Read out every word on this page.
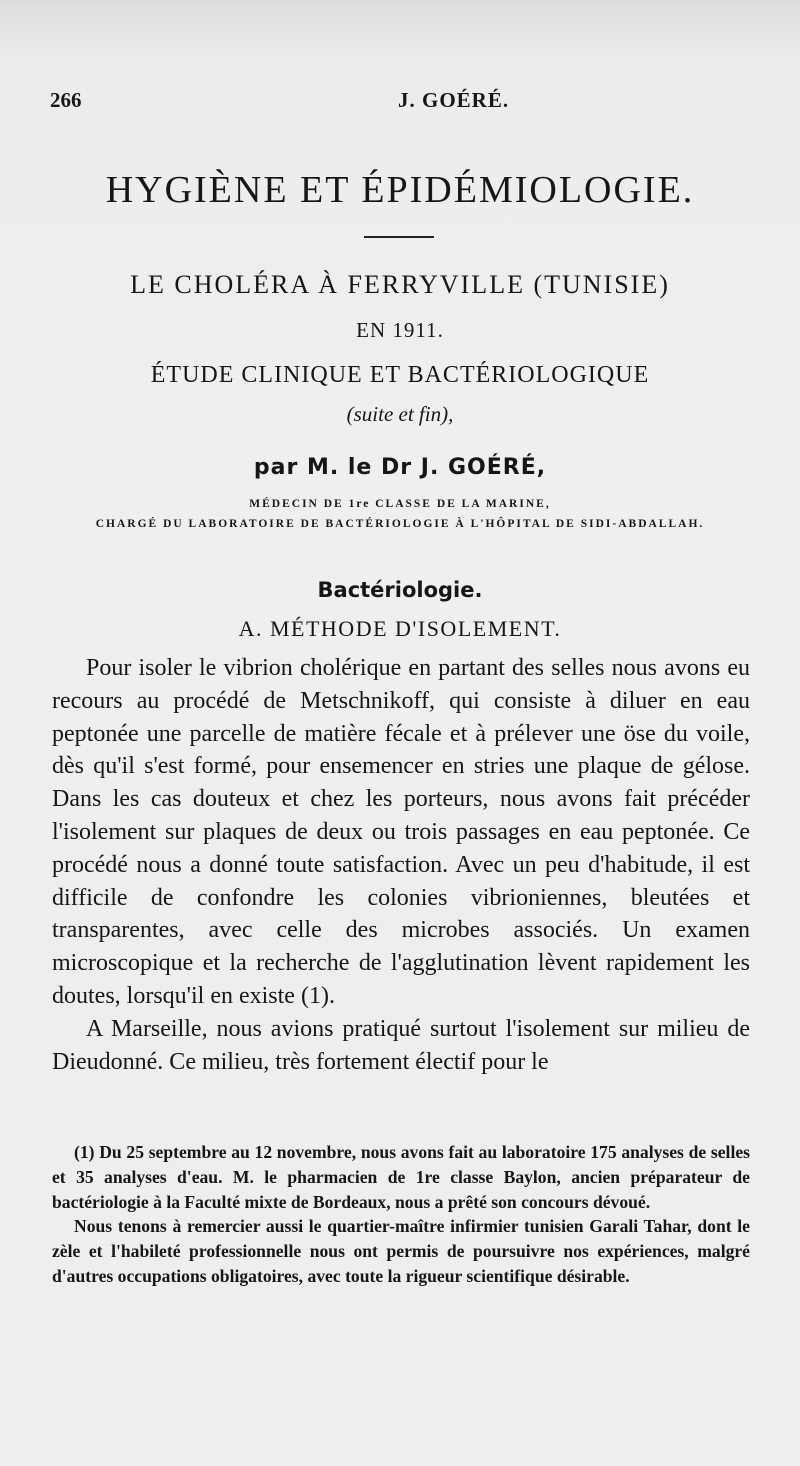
266	J. GOÉRÉ.
HYGIÈNE ET ÉPIDÉMIOLOGIE.
LE CHOLÉRA À FERRYVILLE (TUNISIE)
EN 1911.
ÉTUDE CLINIQUE ET BACTÉRIOLOGIQUE
(suite et fin),
par M. le Dr J. GOÉRÉ,
MÉDECIN DE 1re CLASSE DE LA MARINE,
CHARGÉ DU LABORATOIRE DE BACTÉRIOLOGIE À L'HÔPITAL DE SIDI-ABDALLAH.
Bactériologie.
A. MÉTHODE D'ISOLEMENT.

Pour isoler le vibrion cholérique en partant des selles nous avons eu recours au procédé de Metschnikoff, qui consiste à diluer en eau peptonée une parcelle de matière fécale et à prélever une öse du voile, dès qu'il s'est formé, pour ensemencer en stries une plaque de gélose. Dans les cas douteux et chez les porteurs, nous avons fait précéder l'isolement sur plaques de deux ou trois passages en eau peptonée. Ce procédé nous a donné toute satisfaction. Avec un peu d'habitude, il est difficile de confondre les colonies vibrioniennes, bleutées et transparentes, avec celle des microbes associés. Un examen microscopique et la recherche de l'agglutination lèvent rapidement les doutes, lorsqu'il en existe (1).

A Marseille, nous avions pratiqué surtout l'isolement sur milieu de Dieudonné. Ce milieu, très fortement électif pour le

(1) Du 25 septembre au 12 novembre, nous avons fait au laboratoire 175 analyses de selles et 35 analyses d'eau. M. le pharmacien de 1re classe Baylon, ancien préparateur de bactériologie à la Faculté mixte de Bordeaux, nous a prêté son concours dévoué.

Nous tenons à remercier aussi le quartier-maître infirmier tunisien Garali Tahar, dont le zèle et l'habileté professionnelle nous ont permis de poursuivre nos expériences, malgré d'autres occupations obligatoires, avec toute la rigueur scientifique désirable.
